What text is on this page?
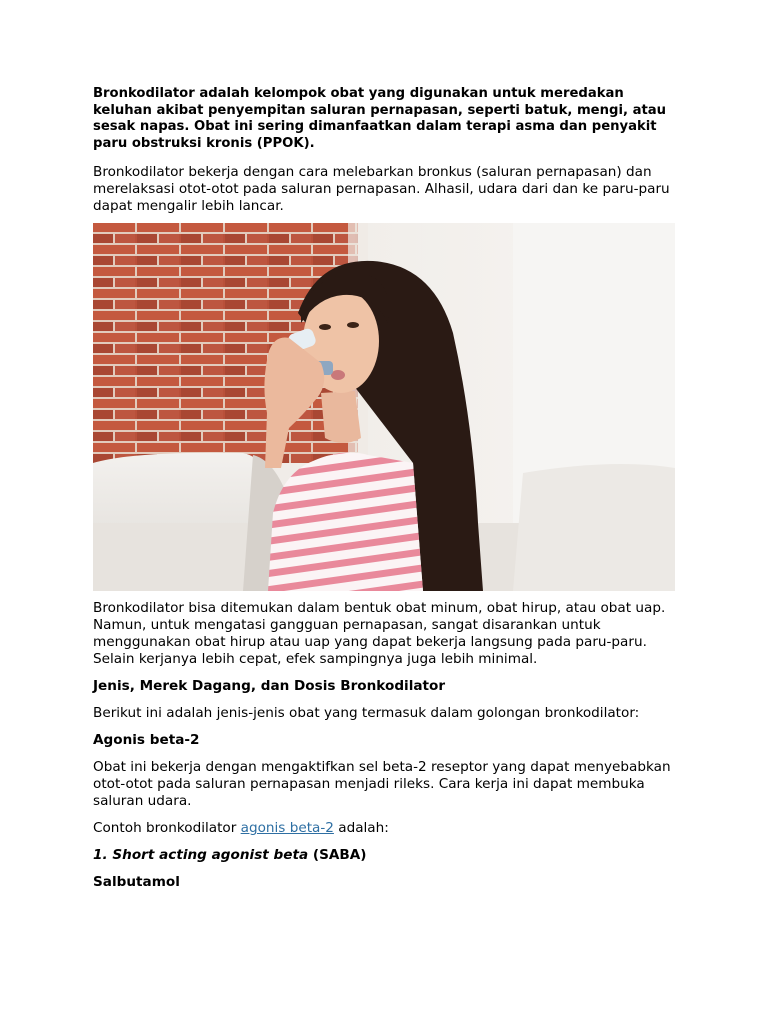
Bronkodilator adalah kelompok obat yang digunakan untuk meredakan keluhan akibat penyempitan saluran pernapasan, seperti batuk, mengi, atau sesak napas. Obat ini sering dimanfaatkan dalam terapi asma dan penyakit paru obstruksi kronis (PPOK).

Bronkodilator bekerja dengan cara melebarkan bronkus (saluran pernapasan) dan merelaksasi otot-otot pada saluran pernapasan. Alhasil, udara dari dan ke paru-paru dapat mengalir lebih lancar.

Bronkodilator bisa ditemukan dalam bentuk obat minum, obat hirup, atau obat uap. Namun, untuk mengatasi gangguan pernapasan, sangat disarankan untuk menggunakan obat hirup atau uap yang dapat bekerja langsung pada paru-paru. Selain kerjanya lebih cepat, efek sampingnya juga lebih minimal.

Jenis, Merek Dagang, dan Dosis Bronkodilator

Berikut ini adalah jenis-jenis obat yang termasuk dalam golongan bronkodilator:

Agonis beta-2

Obat ini bekerja dengan mengaktifkan sel beta-2 reseptor yang dapat menyebabkan otot-otot pada saluran pernapasan menjadi rileks. Cara kerja ini dapat membuka saluran udara.

Contoh bronkodilator agonis beta-2 adalah:

1. Short acting agonist beta (SABA)

Salbutamol
